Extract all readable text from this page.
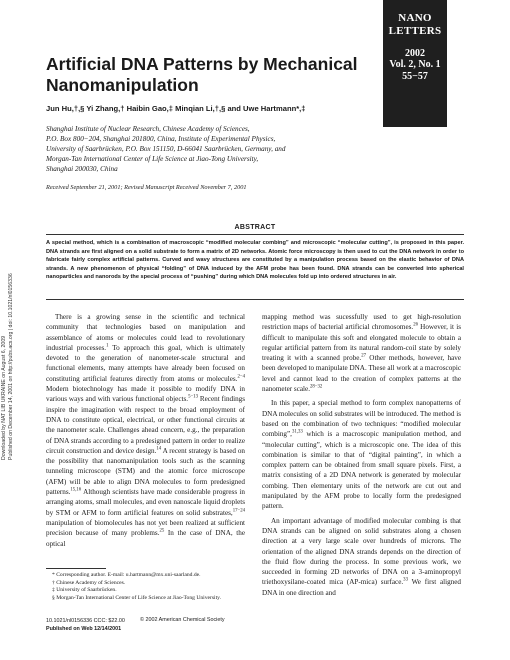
Downloaded by NAT LIB UKRAINE on August 6, 2009 Published on December 14, 2001 on http://pubs.acs.org | doi: 10.1021/nl0156336
NANO
LETTERS
2002
Vol. 2, No. 1
55−57
Artificial DNA Patterns by Mechanical Nanomanipulation
Jun Hu,†,§ Yi Zhang,† Haibin Gao,‡ Minqian Li,†,§ and Uwe Hartmann*,‡
Shanghai Institute of Nuclear Research, Chinese Academy of Sciences,
P.O. Box 800−204, Shanghai 201800, China, Institute of Experimental Physics,
University of Saarbrücken, P.O. Box 151150, D-66041 Saarbrücken, Germany, and
Morgan-Tan International Center of Life Science at Jiao-Tong University,
Shanghai 200030, China
Received September 21, 2001; Revised Manuscript Received November 7, 2001
ABSTRACT
A special method, which is a combination of macroscopic “modified molecular combing” and microscopic “molecular cutting”, is proposed in this paper. DNA strands are first aligned on a solid substrate to form a matrix of 2D networks. Atomic force microscopy is then used to cut the DNA network in order to fabricate fairly complex artificial patterns. Curved and wavy structures are constituted by a manipulation process based on the elastic behavior of DNA strands. A new phenomenon of physical “folding” of DNA induced by the AFM probe has been found. DNA strands can be converted into spherical nanoparticles and nanorods by the special process of “pushing” during which DNA molecules fold up into ordered structures in air.

There is a growing sense in the scientific and technical community that technologies based on manipulation and assemblance of atoms or molecules could lead to revolutionary industrial processes.$^1$ To approach this goal, which is ultimately devoted to the generation of nanometer-scale structural and functional elements, many attempts have already been focused on constituting artificial features directly from atoms or molecules.$^{2-4}$ Modern biotechnology has made it possible to modify DNA in various ways and with various functional objects.$^{5-13}$ Recent findings inspire the imagination with respect to the broad employment of DNA to constitute optical, electrical, or other functional circuits at the nanometer scale. Challenges ahead concern, e.g., the preparation of DNA strands according to a predesigned pattern in order to realize circuit construction and device design.$^{14}$ A recent strategy is based on the possibility that nanomanipulation tools such as the scanning tunneling microscope (STM) and the atomic force microscope (AFM) will be able to align DNA molecules to form predesigned patterns.$^{15,16}$ Although scientists have made considerable progress in arranging atoms, small molecules, and even nanoscale liquid droplets by STM or AFM to form artificial features on solid substrates,$^{17-24}$ manipulation of biomolecules has not yet been realized at sufficient precision because of many problems.$^{25}$ In the case of DNA, the optical

mapping method was sucessfully used to get high-resolution restriction maps of bacterial artificial chromosomes.$^{26}$ However, it is difficult to manipulate this soft and elongated molecule to obtain a regular artificial pattern from its natural random-coil state by solely treating it with a scanned probe.$^{27}$ Other methods, however, have been developed to manipulate DNA. These all work at a macroscopic level and cannot lead to the creation of complex patterns at the nanometer scale.$^{28-32}$

In this paper, a special method to form complex nanopatterns of DNA molecules on solid substrates will be introduced. The method is based on the combination of two techniques: “modified molecular combing”,$^{31,33}$ which is a macroscopic manipulation method, and “molecular cutting”, which is a microscopic one. The idea of this combination is similar to that of “digital painting”, in which a complex pattern can be obtained from small square pixels. First, a matrix consisting of a 2D DNA network is generated by molecular combing. Then elementary units of the network are cut out and manipulated by the AFM probe to locally form the predesigned pattern.

An important advantage of modified molecular combing is that DNA strands can be aligned on solid substrates along a chosen direction at a very large scale over hundreds of microns. The orientation of the aligned DNA strands depends on the direction of the fluid flow during the process. In some previous work, we succeeded in forming 2D networks of DNA on a 3-aminopropyl triethoxysilane-coated mica (AP-mica) surface.$^{33}$ We first aligned DNA in one direction and

* Corresponding author. E-mail: u.hartmann@mx.uni-saarland.de.
† Chinese Academy of Sciences.
‡ University of Saarbrücken.
§ Morgan-Tan International Center of Life Science at Jiao-Tong University.
10.1021/nl0156336 CCC: $22.00
Published on Web 12/14/2001
© 2002 American Chemical Society
